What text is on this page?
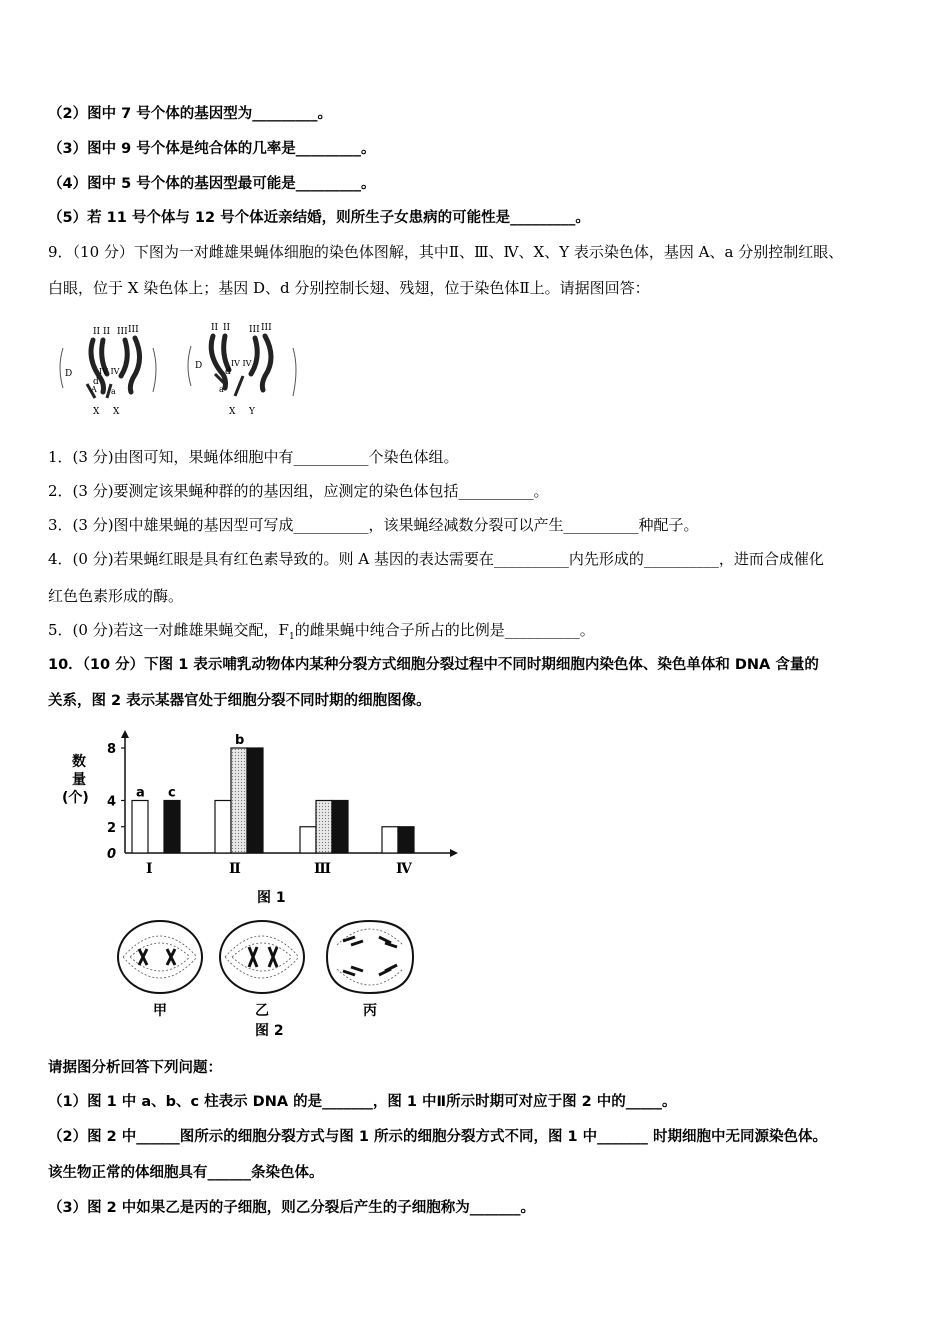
（2）图中 7 号个体的基因型为_________。
（3）图中 9 号个体是纯合体的几率是_________。
（4）图中 5 号个体的基因型最可能是_________。
（5）若 11 号个体与 12 号个体近亲结婚，则所生子女患病的可能性是_________。
9．（10 分）下图为一对雌雄果蝇体细胞的染色体图解，其中Ⅱ、Ⅲ、Ⅳ、X、Y 表示染色体，基因 A、a 分别控制红眼、
白眼，位于 X 染色体上；基因 D、d 分别控制长翅、残翅，位于染色体Ⅱ上。请据图回答：
II II III III
D
d
IV IV
A a
X X
II II III III
D
d
IV IV
a
X Y
1．(3 分)由图可知，果蝇体细胞中有__________个染色体组。
2．(3 分)要测定该果蝇种群的的基因组，应测定的染色体包括__________。
3．(3 分)图中雄果蝇的基因型可写成__________，该果蝇经减数分裂可以产生__________种配子。
4．(0 分)若果蝇红眼是具有红色素导致的。则 A 基因的表达需要在__________内先形成的__________，进而合成催化
红色色素形成的酶。
5．(0 分)若这一对雌雄果蝇交配，$F_1$的雌果蝇中纯合子所占的比例是__________。
10．（10 分）下图 1 表示哺乳动物体内某种分裂方式细胞分裂过程中不同时期细胞内染色体、染色单体和 DNA 含量的
关系，图 2 表示某器官处于细胞分裂不同时期的细胞图像。
数
量
(个)
0
2
4
8
a c
Ⅰ
b
Ⅱ	Ⅲ	Ⅳ
图 1
甲	乙	丙
图 2
请据图分析回答下列问题：
（1）图 1 中 a、b、c 柱表示 DNA 的是_______，图 1 中Ⅱ所示时期可对应于图 2 中的_____。
（2）图 2 中______图所示的细胞分裂方式与图 1 所示的细胞分裂方式不同，图 1 中_______ 时期细胞中无同源染色体。
该生物正常的体细胞具有______条染色体。
（3）图 2 中如果乙是丙的子细胞，则乙分裂后产生的子细胞称为_______。
